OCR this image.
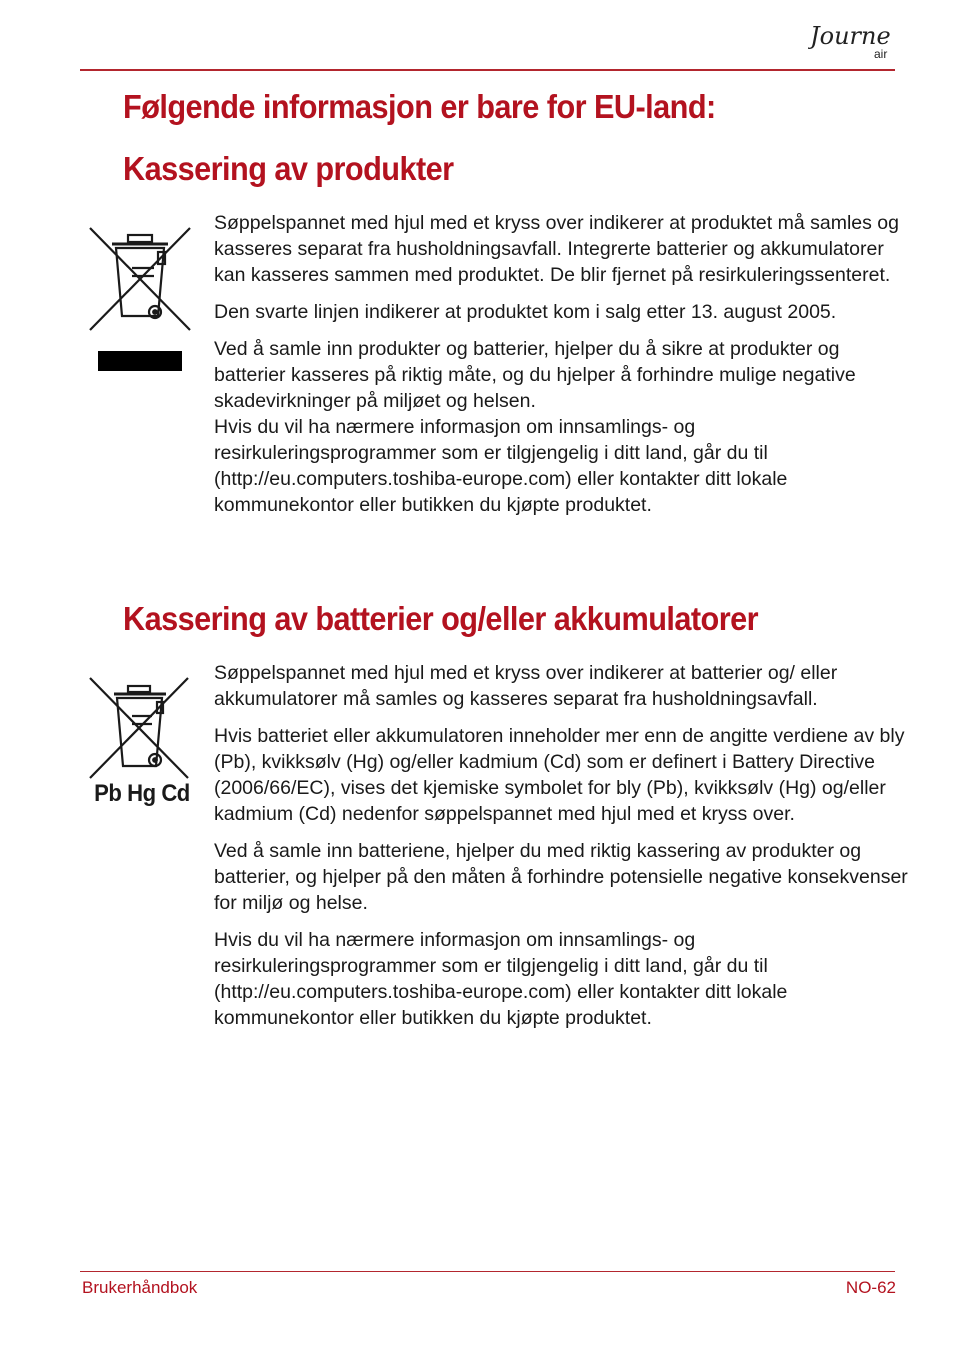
Journe
air
Følgende informasjon er bare for EU-land:
Kassering av produkter

Søppelspannet med hjul med et kryss over indikerer at produktet må samles og kasseres separat fra husholdningsavfall. Integrerte batterier og akkumulatorer kan kasseres sammen med produktet. De blir fjernet på resirkuleringssenteret.

Den svarte linjen indikerer at produktet kom i salg etter 13. august 2005.

Ved å samle inn produkter og batterier, hjelper du å sikre at produkter og batterier kasseres på riktig måte, og du hjelper å forhindre mulige negative skadevirkninger på miljøet og helsen.

Hvis du vil ha nærmere informasjon om innsamlings- og resirkuleringsprogrammer som er tilgjengelig i ditt land, går du til (http://eu.computers.toshiba-europe.com) eller kontakter ditt lokale kommunekontor eller butikken du kjøpte produktet.

Kassering av batterier og/eller akkumulatorer
Pb Hg Cd

Søppelspannet med hjul med et kryss over indikerer at batterier og/ eller akkumulatorer må samles og kasseres separat fra husholdningsavfall.

Hvis batteriet eller akkumulatoren inneholder mer enn de angitte verdiene av bly (Pb), kvikksølv (Hg) og/eller kadmium (Cd) som er definert i Battery Directive (2006/66/EC), vises det kjemiske symbolet for bly (Pb), kvikksølv (Hg) og/eller kadmium (Cd) nedenfor søppelspannet med hjul med et kryss over.

Ved å samle inn batteriene, hjelper du med riktig kassering av produkter og batterier, og hjelper på den måten å forhindre potensielle negative konsekvenser for miljø og helse.

Hvis du vil ha nærmere informasjon om innsamlings- og resirkuleringsprogrammer som er tilgjengelig i ditt land, går du til (http://eu.computers.toshiba-europe.com) eller kontakter ditt lokale kommunekontor eller butikken du kjøpte produktet.

Brukerhåndbok	NO-62
